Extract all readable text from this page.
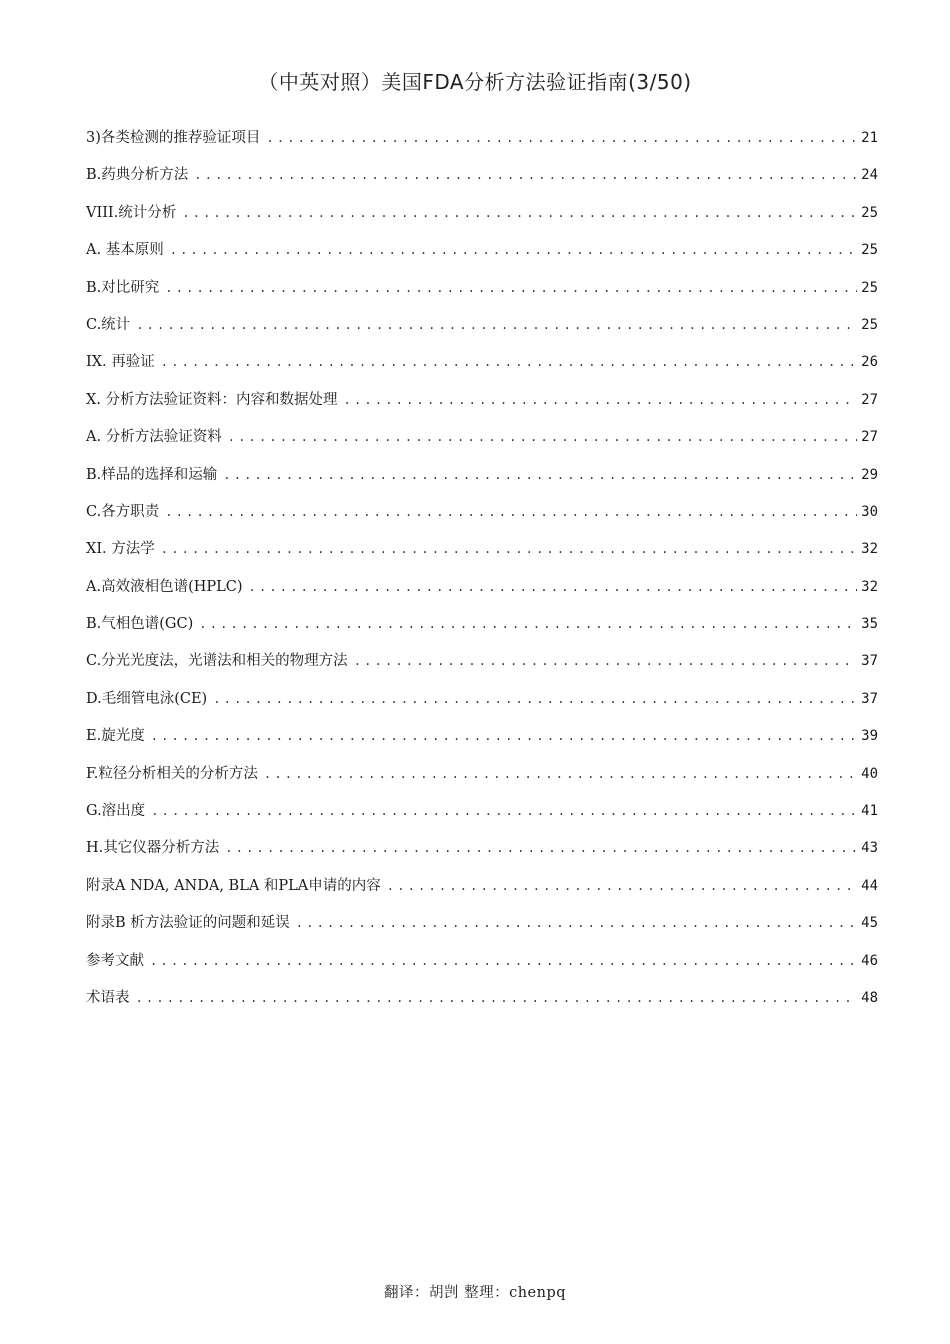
（中英对照）美国FDA分析方法验证指南(3/50)
3)各类检测的推荐验证项目 .....	21
B.药典分析方法 .....	24
VIII.统计分析 .....	25
A. 基本原则 .....	25
B.对比研究 .....	25
C.统计 .....	25
IX. 再验证 .....	26
X. 分析方法验证资料：内容和数据处理 .....	27
A. 分析方法验证资料 .....	27
B.样品的选择和运输 .....	29
C.各方职责 .....	30
XI. 方法学 .....	32
A.高效液相色谱(HPLC) .....	32
B.气相色谱(GC) .....	35
C.分光光度法，光谱法和相关的物理方法 .....	37
D.毛细管电泳(CE) .....	37
E.旋光度 .....	39
F.粒径分析相关的分析方法 .....	40
G.溶出度 .....	41
H.其它仪器分析方法 .....	43
附录A NDA, ANDA, BLA 和PLA申请的内容 .....	44
附录B 析方法验证的问题和延误 .....	45
参考文献 .....	46
术语表 .....	48
翻译：胡剀 整理：chenpq
